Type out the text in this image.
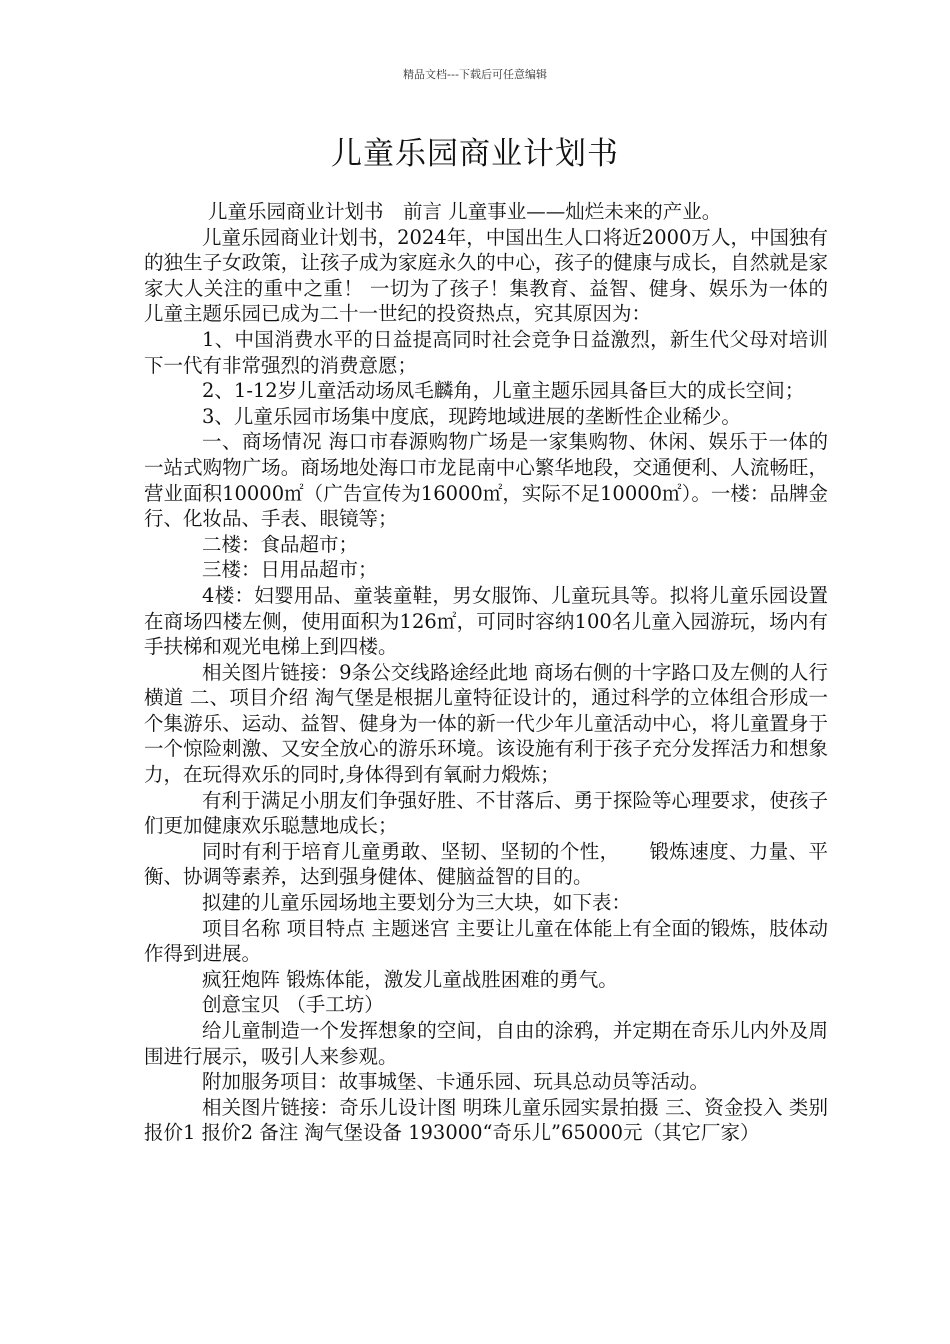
精品文档---下载后可任意编辑
儿童乐园商业计划书

儿童乐园商业计划书　前言 儿童事业——灿烂未来的产业。

儿童乐园商业计划书，2024年，中国出生人口将近2000万人，中国独有的独生子女政策，让孩子成为家庭永久的中心，孩子的健康与成长，自然就是家家大人关注的重中之重！ 一切为了孩子！集教育、益智、健身、娱乐为一体的儿童主题乐园已成为二十一世纪的投资热点，究其原因为：

1、中国消费水平的日益提高同时社会竞争日益激烈，新生代父母对培训下一代有非常强烈的消费意愿；

2、1-12岁儿童活动场凤毛麟角，儿童主题乐园具备巨大的成长空间；

3、儿童乐园市场集中度底，现跨地域进展的垄断性企业稀少。

一、商场情况 海口市春源购物广场是一家集购物、休闲、娱乐于一体的一站式购物广场。商场地处海口市龙昆南中心繁华地段，交通便利、人流畅旺，营业面积10000㎡（广告宣传为16000㎡，实际不足10000㎡）。一楼：品牌金行、化妆品、手表、眼镜等；

二楼：食品超市；

三楼：日用品超市；

4楼：妇婴用品、童装童鞋，男女服饰、儿童玩具等。拟将儿童乐园设置在商场四楼左侧，使用面积为126㎡，可同时容纳100名儿童入园游玩，场内有手扶梯和观光电梯上到四楼。

相关图片链接：9条公交线路途经此地 商场右侧的十字路口及左侧的人行横道 二、项目介绍 淘气堡是根据儿童特征设计的，通过科学的立体组合形成一个集游乐、运动、益智、健身为一体的新一代少年儿童活动中心，将儿童置身于一个惊险刺激、又安全放心的游乐环境。该设施有利于孩子充分发挥活力和想象力，在玩得欢乐的同时,身体得到有氧耐力煅炼；

有利于满足小朋友们争强好胜、不甘落后、勇于探险等心理要求，使孩子们更加健康欢乐聪慧地成长；

同时有利于培育儿童勇敢、坚韧、坚韧的个性，　　锻炼速度、力量、平衡、协调等素养，达到强身健体、健脑益智的目的。

拟建的儿童乐园场地主要划分为三大块，如下表：

项目名称 项目特点 主题迷宫 主要让儿童在体能上有全面的锻炼，肢体动作得到进展。

疯狂炮阵 锻炼体能，激发儿童战胜困难的勇气。

创意宝贝 （手工坊）

给儿童制造一个发挥想象的空间，自由的涂鸦，并定期在奇乐儿内外及周围进行展示，吸引人来参观。

附加服务项目：故事城堡、卡通乐园、玩具总动员等活动。

相关图片链接：奇乐儿设计图 明珠儿童乐园实景拍摄 三、资金投入 类别 报价1 报价2 备注 淘气堡设备 193000“奇乐儿”65000元（其它厂家）
